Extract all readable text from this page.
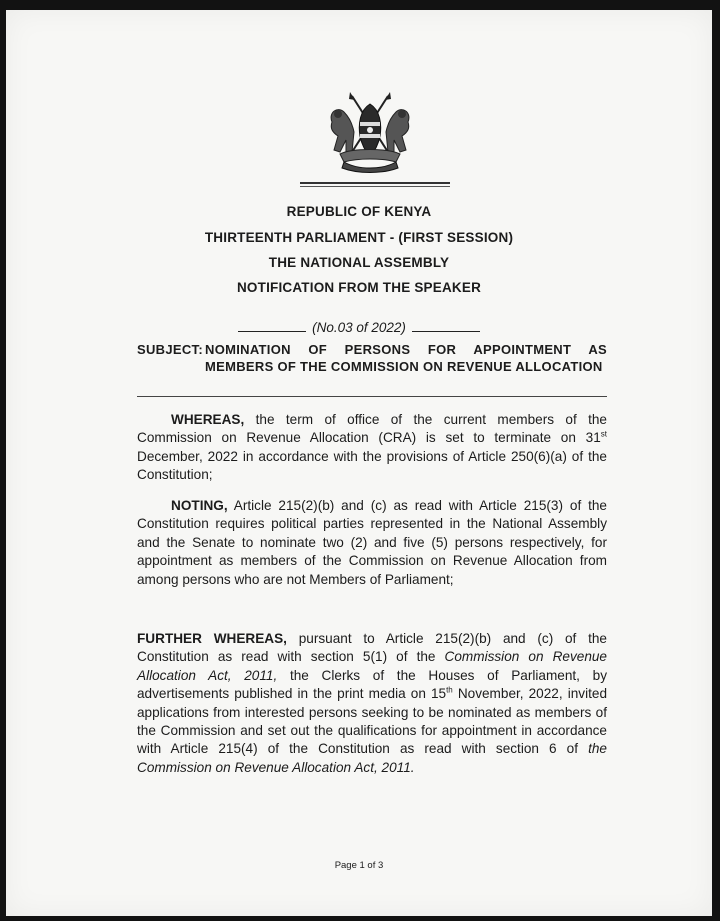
REPUBLIC OF KENYA
THIRTEENTH PARLIAMENT - (FIRST SESSION)
THE NATIONAL ASSEMBLY
NOTIFICATION FROM THE SPEAKER
(No.03 of 2022)
SUBJECT: NOMINATION OF PERSONS FOR APPOINTMENT AS MEMBERS OF THE COMMISSION ON REVENUE ALLOCATION
WHEREAS, the term of office of the current members of the Commission on Revenue Allocation (CRA) is set to terminate on 31st December, 2022 in accordance with the provisions of Article 250(6)(a) of the Constitution;
NOTING, Article 215(2)(b) and (c) as read with Article 215(3) of the Constitution requires political parties represented in the National Assembly and the Senate to nominate two (2) and five (5) persons respectively, for appointment as members of the Commission on Revenue Allocation from among persons who are not Members of Parliament;
FURTHER WHEREAS, pursuant to Article 215(2)(b) and (c) of the Constitution as read with section 5(1) of the Commission on Revenue Allocation Act, 2011, the Clerks of the Houses of Parliament, by advertisements published in the print media on 15th November, 2022, invited applications from interested persons seeking to be nominated as members of the Commission and set out the qualifications for appointment in accordance with Article 215(4) of the Constitution as read with section 6 of the Commission on Revenue Allocation Act, 2011.
Page 1 of 3
